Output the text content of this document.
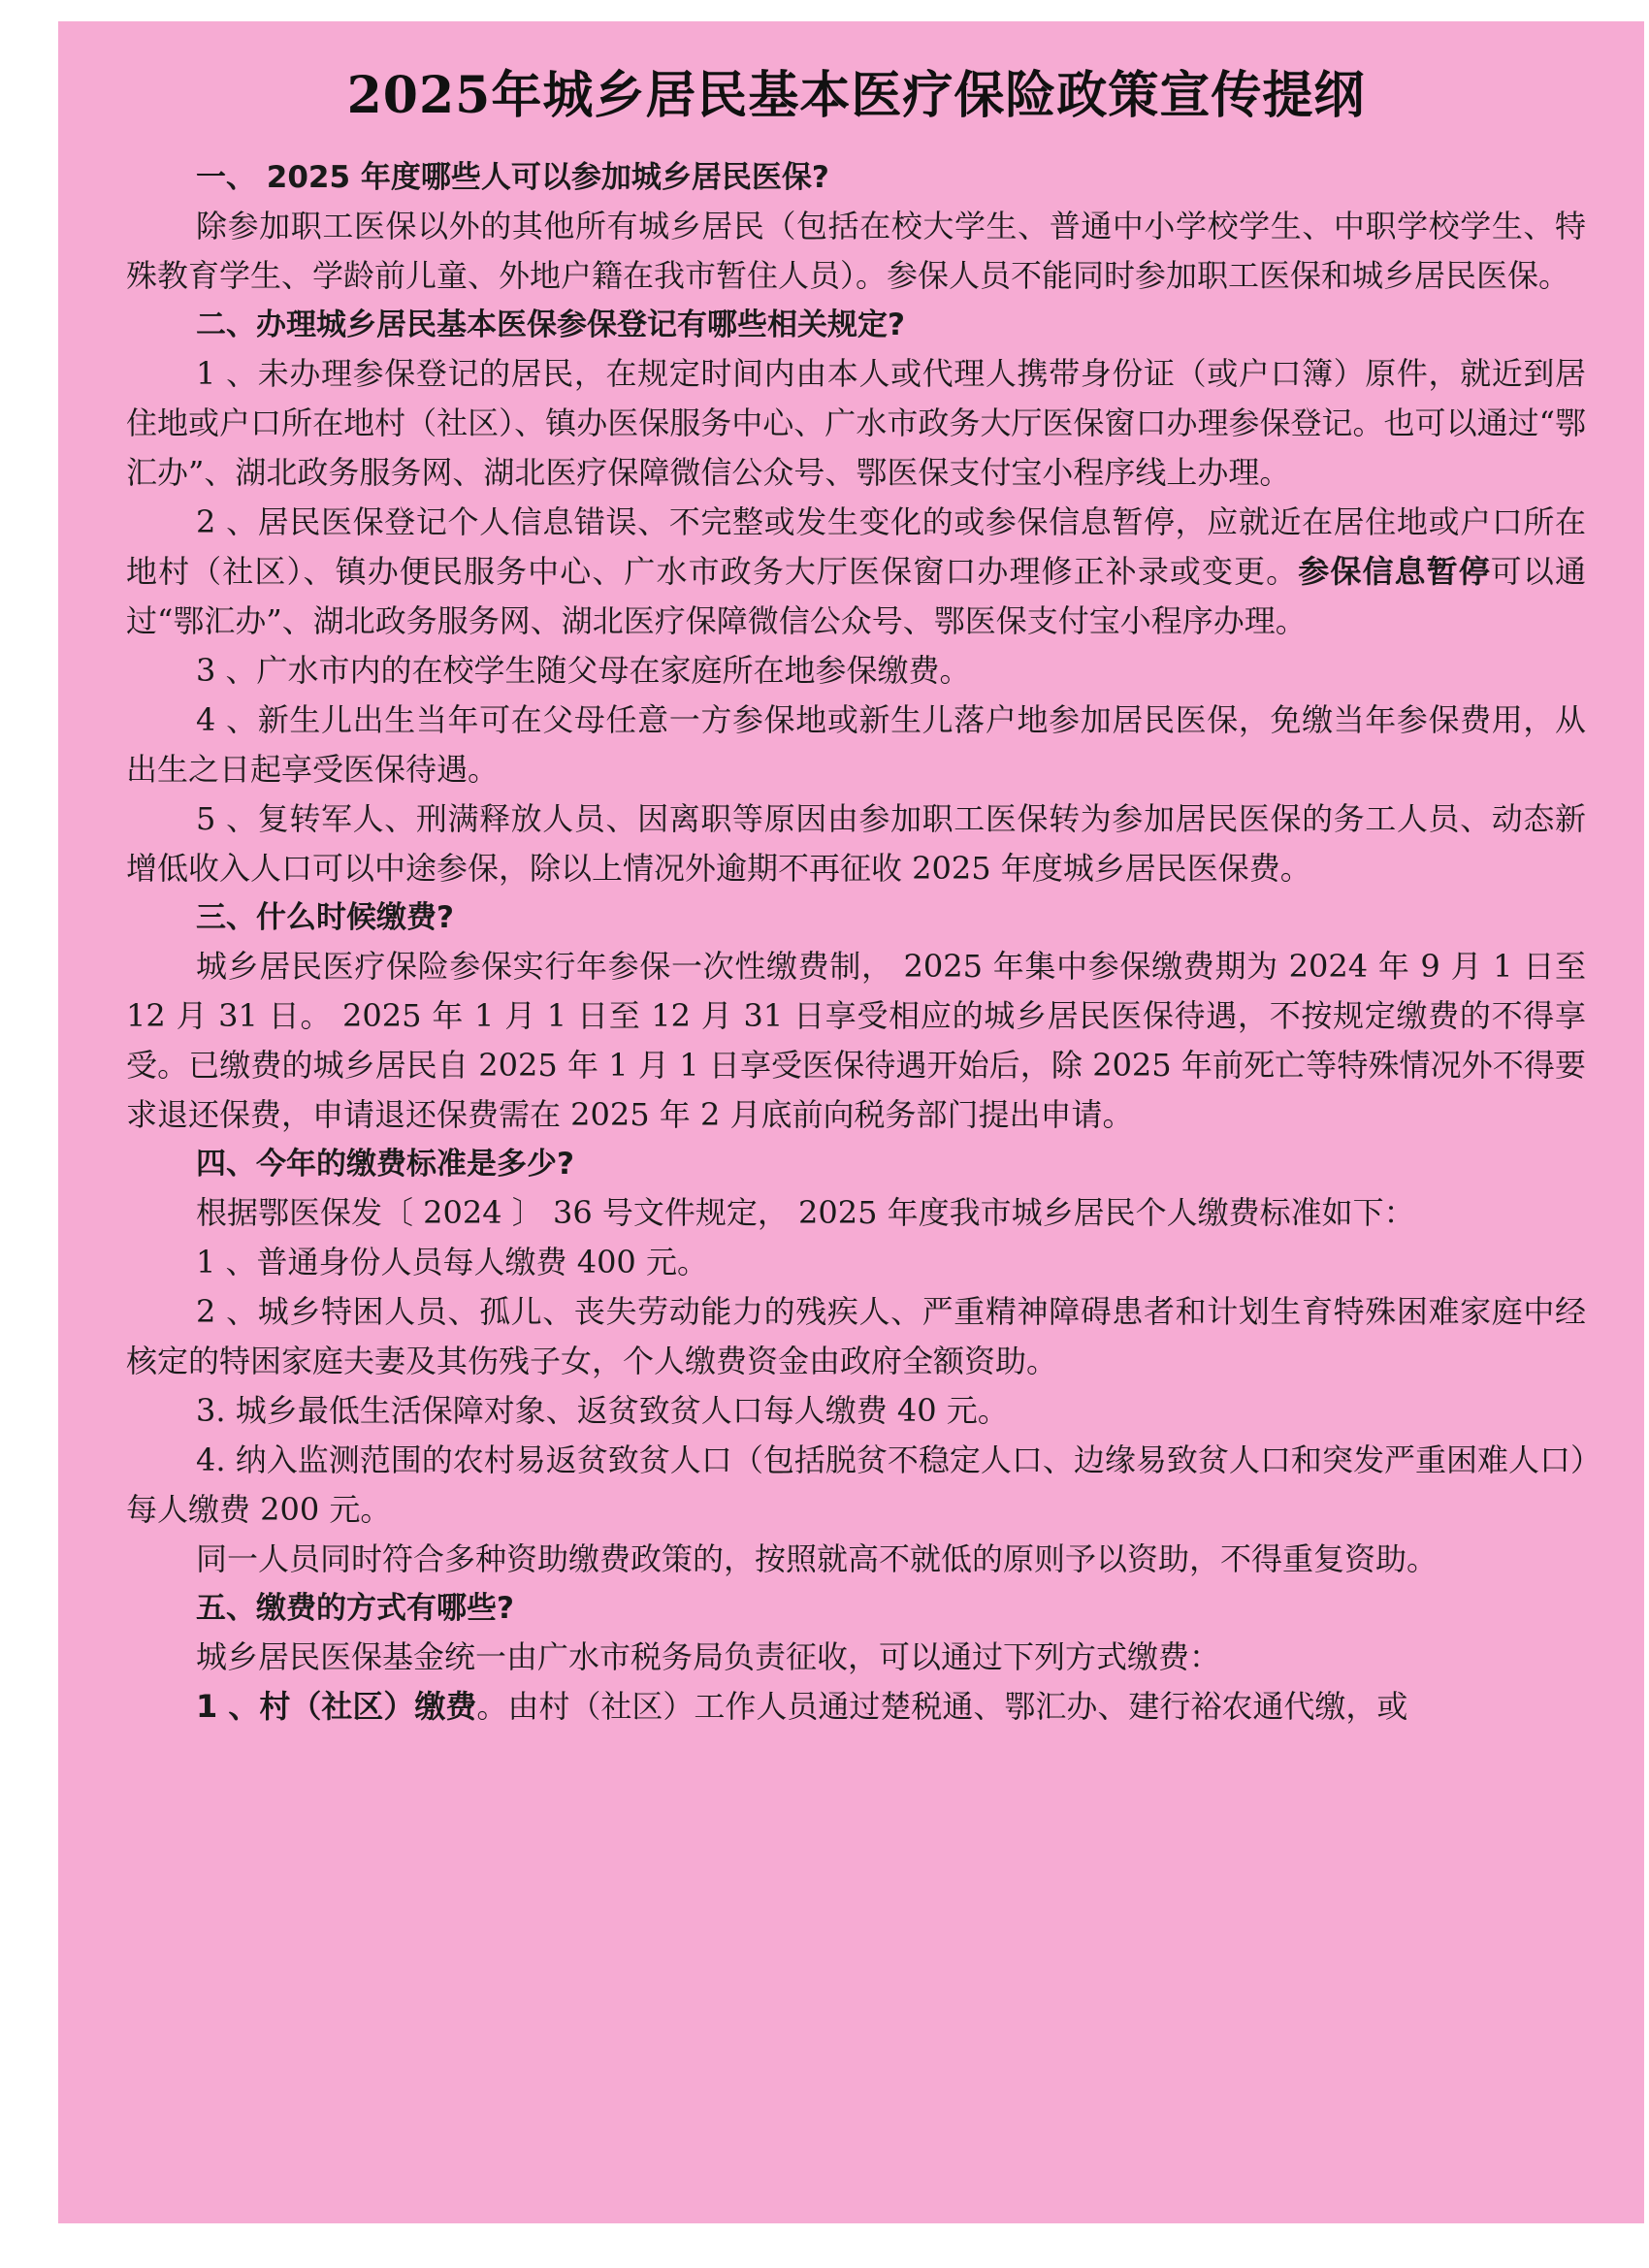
2025年城乡居民基本医疗保险政策宣传提纲

一、 2025 年度哪些人可以参加城乡居民医保?

除参加职工医保以外的其他所有城乡居民（包括在校大学生、普通中小学校学生、中职学校学生、特殊教育学生、学龄前儿童、外地户籍在我市暂住人员）。参保人员不能同时参加职工医保和城乡居民医保。

二、办理城乡居民基本医保参保登记有哪些相关规定?

1 、未办理参保登记的居民，在规定时间内由本人或代理人携带身份证（或户口簿）原件，就近到居住地或户口所在地村（社区）、镇办医保服务中心、广水市政务大厅医保窗口办理参保登记。也可以通过“鄂汇办”、湖北政务服务网、湖北医疗保障微信公众号、鄂医保支付宝小程序线上办理。

2 、居民医保登记个人信息错误、不完整或发生变化的或参保信息暂停，应就近在居住地或户口所在地村（社区）、镇办便民服务中心、广水市政务大厅医保窗口办理修正补录或变更。参保信息暂停可以通过“鄂汇办”、湖北政务服务网、湖北医疗保障微信公众号、鄂医保支付宝小程序办理。

3 、广水市内的在校学生随父母在家庭所在地参保缴费。

4 、新生儿出生当年可在父母任意一方参保地或新生儿落户地参加居民医保，免缴当年参保费用，从出生之日起享受医保待遇。

5 、复转军人、刑满释放人员、因离职等原因由参加职工医保转为参加居民医保的务工人员、动态新增低收入人口可以中途参保，除以上情况外逾期不再征收 2025 年度城乡居民医保费。

三、什么时候缴费?

城乡居民医疗保险参保实行年参保一次性缴费制， 2025 年集中参保缴费期为 2024 年 9 月 1 日至 12 月 31 日。 2025 年 1 月 1 日至 12 月 31 日享受相应的城乡居民医保待遇，不按规定缴费的不得享受。已缴费的城乡居民自 2025 年 1 月 1 日享受医保待遇开始后，除 2025 年前死亡等特殊情况外不得要求退还保费，申请退还保费需在 2025 年 2 月底前向税务部门提出申请。

四、今年的缴费标准是多少?

根据鄂医保发〔 2024 〕 36 号文件规定， 2025 年度我市城乡居民个人缴费标准如下：

1 、普通身份人员每人缴费 400 元。

2 、城乡特困人员、孤儿、丧失劳动能力的残疾人、严重精神障碍患者和计划生育特殊困难家庭中经核定的特困家庭夫妻及其伤残子女，个人缴费资金由政府全额资助。

3. 城乡最低生活保障对象、返贫致贫人口每人缴费 40 元。

4. 纳入监测范围的农村易返贫致贫人口（包括脱贫不稳定人口、边缘易致贫人口和突发严重困难人口）每人缴费 200 元。

同一人员同时符合多种资助缴费政策的，按照就高不就低的原则予以资助，不得重复资助。

五、缴费的方式有哪些?

城乡居民医保基金统一由广水市税务局负责征收，可以通过下列方式缴费：

1 、村（社区）缴费。由村（社区）工作人员通过楚税通、鄂汇办、建行裕农通代缴，或
